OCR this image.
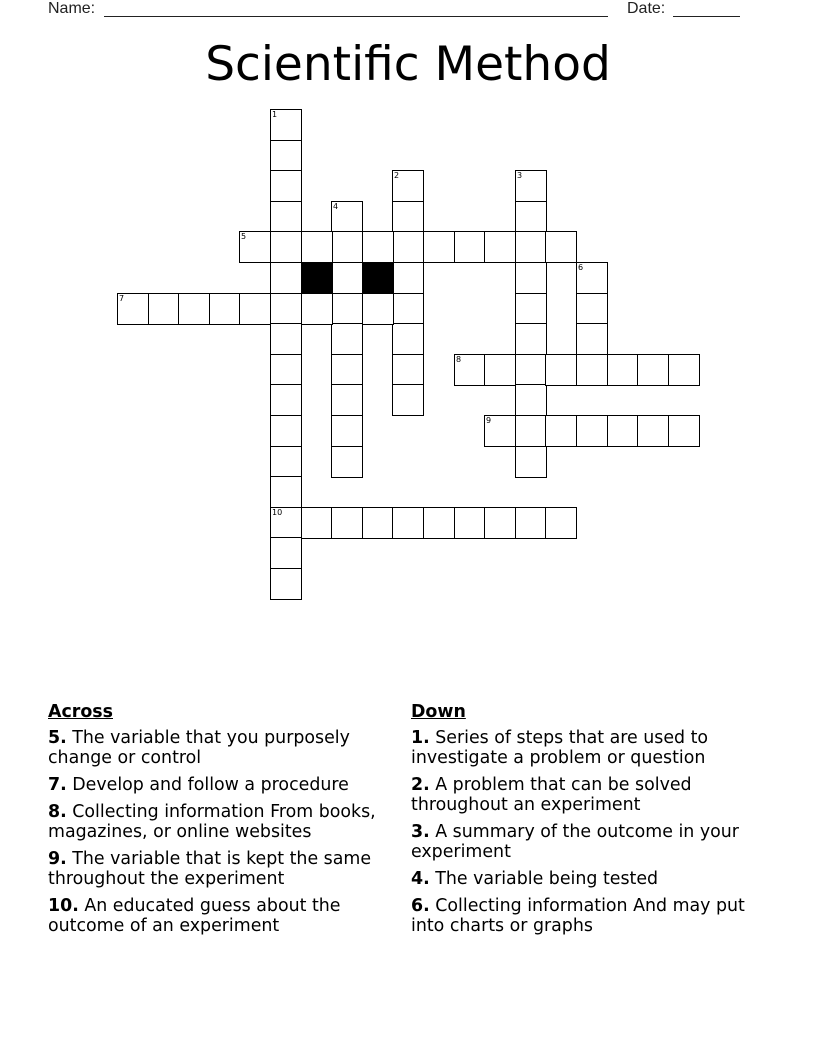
Name:	Date:
Scientific Method
1
10
2	3
4
5
6
7
8
9
Across
5. The variable that you purposely change or control
7. Develop and follow a procedure
8. Collecting information From books, magazines, or online websites
9. The variable that is kept the same throughout the experiment
10. An educated guess about the outcome of an experiment
Down
1. Series of steps that are used to investigate a problem or question
2. A problem that can be solved throughout an experiment
3. A summary of the outcome in your experiment
4. The variable being tested
6. Collecting information And may put into charts or graphs
